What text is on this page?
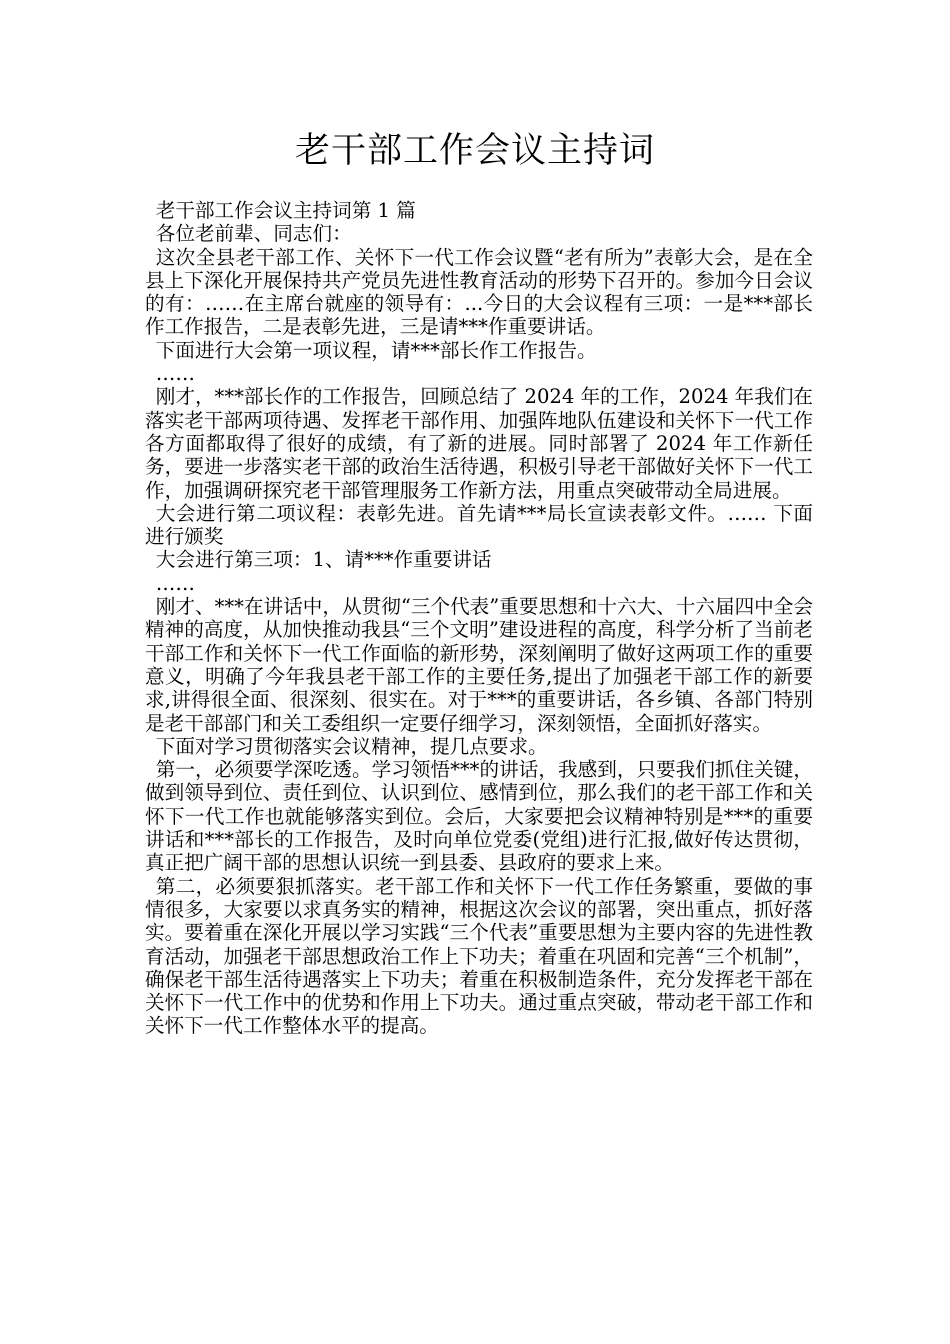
老干部工作会议主持词

老干部工作会议主持词第 1 篇

各位老前辈、同志们：

这次全县老干部工作、关怀下一代工作会议暨“老有所为”表彰大会，是在全县上下深化开展保持共产党员先进性教育活动的形势下召开的。参加今日会议的有：……在主席台就座的领导有：...今日的大会议程有三项：一是***部长作工作报告，二是表彰先进，三是请***作重要讲话。

下面进行大会第一项议程，请***部长作工作报告。

……

刚才，***部长作的工作报告，回顾总结了 2024 年的工作，2024 年我们在落实老干部两项待遇、发挥老干部作用、加强阵地队伍建设和关怀下一代工作各方面都取得了很好的成绩，有了新的进展。同时部署了 2024 年工作新任务，要进一步落实老干部的政治生活待遇，积极引导老干部做好关怀下一代工作，加强调研探究老干部管理服务工作新方法，用重点突破带动全局进展。

大会进行第二项议程：表彰先进。首先请***局长宣读表彰文件。…… 下面进行颁奖

大会进行第三项：1、请***作重要讲话

……

刚才、***在讲话中，从贯彻“三个代表”重要思想和十六大、十六届四中全会精神的高度，从加快推动我县“三个文明”建设进程的高度，科学分析了当前老干部工作和关怀下一代工作面临的新形势，深刻阐明了做好这两项工作的重要意义，明确了今年我县老干部工作的主要任务,提出了加强老干部工作的新要求,讲得很全面、很深刻、很实在。对于***的重要讲话，各乡镇、各部门特别是老干部部门和关工委组织一定要仔细学习，深刻领悟，全面抓好落实。

下面对学习贯彻落实会议精神，提几点要求。

第一，必须要学深吃透。学习领悟***的讲话，我感到，只要我们抓住关键，做到领导到位、责任到位、认识到位、感情到位，那么我们的老干部工作和关怀下一代工作也就能够落实到位。会后，大家要把会议精神特别是***的重要讲话和***部长的工作报告，及时向单位党委(党组)进行汇报,做好传达贯彻，真正把广阔干部的思想认识统一到县委、县政府的要求上来。

第二，必须要狠抓落实。老干部工作和关怀下一代工作任务繁重，要做的事情很多，大家要以求真务实的精神，根据这次会议的部署，突出重点，抓好落实。要着重在深化开展以学习实践“三个代表”重要思想为主要内容的先进性教育活动，加强老干部思想政治工作上下功夫；着重在巩固和完善“三个机制”，确保老干部生活待遇落实上下功夫；着重在积极制造条件，充分发挥老干部在关怀下一代工作中的优势和作用上下功夫。通过重点突破，带动老干部工作和关怀下一代工作整体水平的提高。
